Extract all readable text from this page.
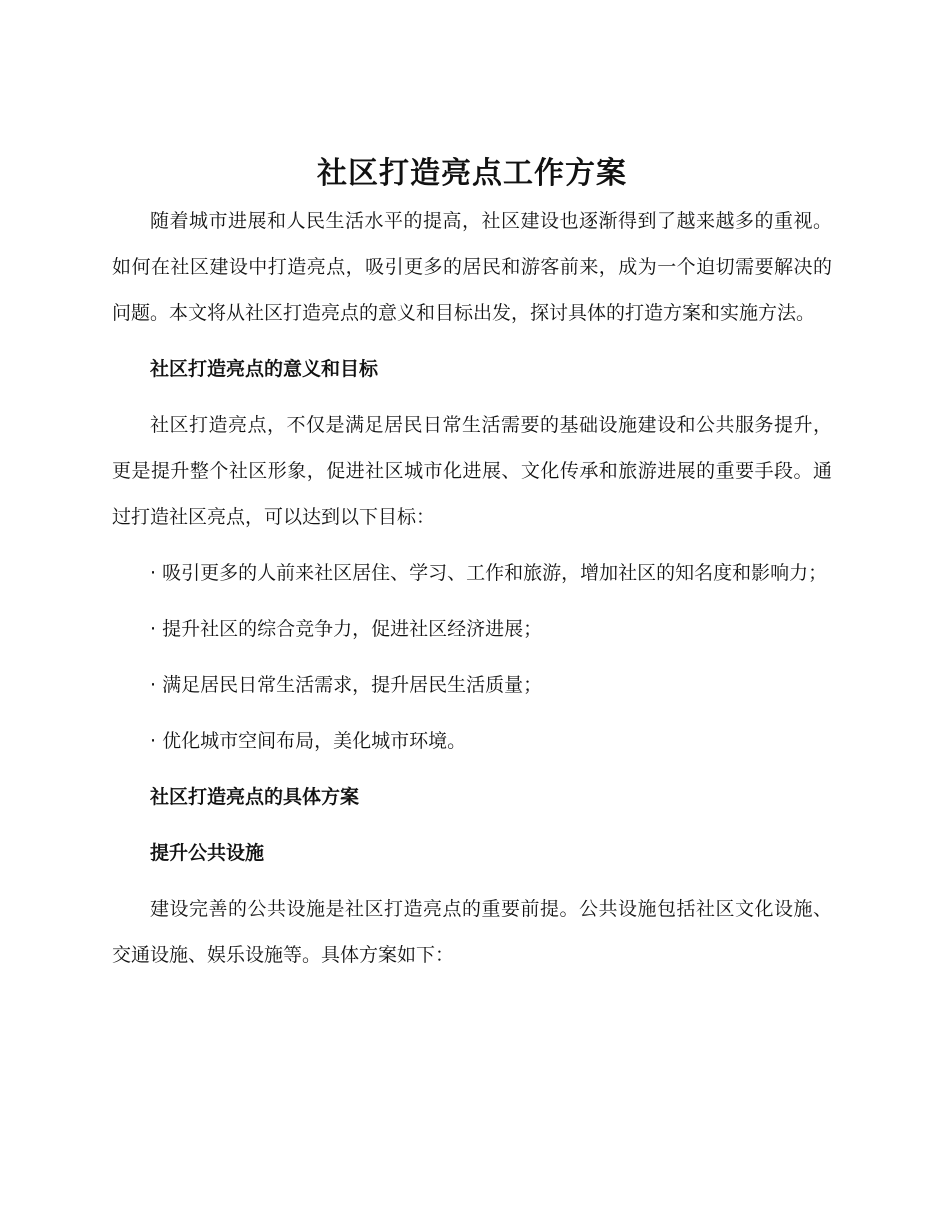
社区打造亮点工作方案

随着城市进展和人民生活水平的提高，社区建设也逐渐得到了越来越多的重视。如何在社区建设中打造亮点，吸引更多的居民和游客前来，成为一个迫切需要解决的问题。本文将从社区打造亮点的意义和目标出发，探讨具体的打造方案和实施方法。

社区打造亮点的意义和目标

社区打造亮点，不仅是满足居民日常生活需要的基础设施建设和公共服务提升，更是提升整个社区形象，促进社区城市化进展、文化传承和旅游进展的重要手段。通过打造社区亮点，可以达到以下目标：

· 吸引更多的人前来社区居住、学习、工作和旅游，增加社区的知名度和影响力；

· 提升社区的综合竞争力，促进社区经济进展；

· 满足居民日常生活需求，提升居民生活质量；

· 优化城市空间布局，美化城市环境。

社区打造亮点的具体方案

提升公共设施

建设完善的公共设施是社区打造亮点的重要前提。公共设施包括社区文化设施、交通设施、娱乐设施等。具体方案如下：
